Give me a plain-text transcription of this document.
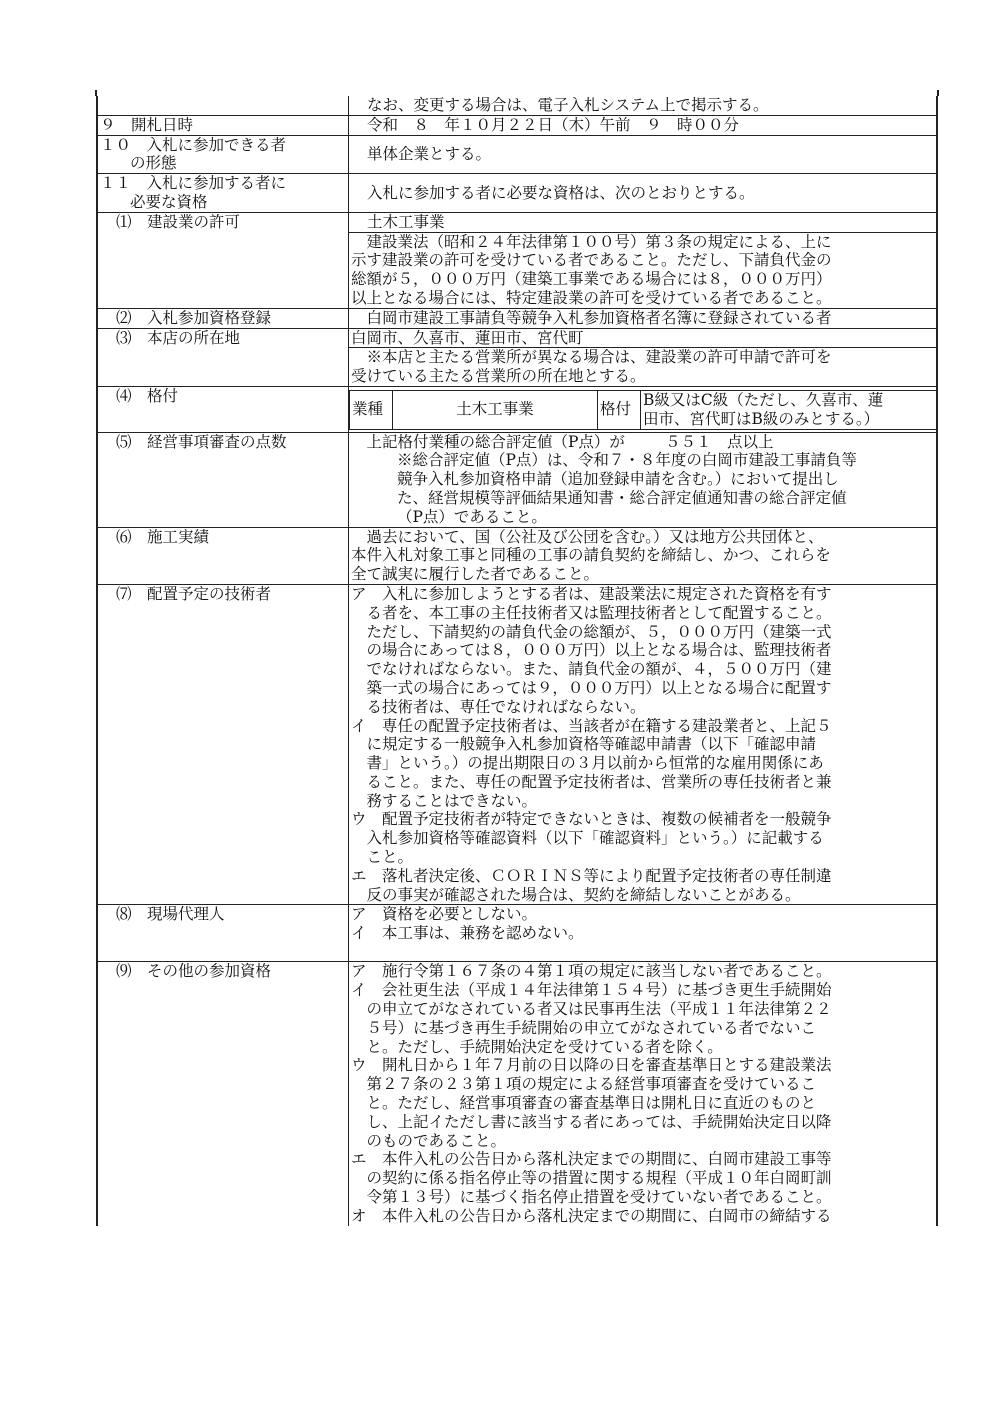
	なお、変更する場合は、電子入札システム上で掲示する。
９　開札日時	令和　８　年１０月２２日（木）午前　９　時００分

１０　入札に参加できる者
の形態
	単体企業とする。

１１　入札に参加する者に
必要な資格
	入札に参加する者に必要な資格は、次のとおりとする。
⑴　建設業の許可	土木工事業
　建設業法（昭和２４年法律第１００号）第３条の規定による、上に
示す建設業の許可を受けている者であること。ただし、下請負代金の
総額が５，０００万円（建築工事業である場合には８，０００万円）
以上となる場合には、特定建設業の許可を受けている者であること。

⑵　入札参加資格登録	　白岡市建設工事請負等競争入札参加資格者名簿に登録されている者
⑶　本店の所在地	白岡市、久喜市、蓮田市、宮代町
　※本店と主たる営業所が異なる場合は、建設業の許可申請で許可を
受けている主たる営業所の所在地とする。

⑷　格付	
業種	土木工事業	格付	
B級又はC級（ただし、久喜市、蓮
田市、宮代町はB級のみとする。）

⑸　経営事項審査の点数	　上記格付業種の総合評定値（P点）が	５５１　点以上
※総合評定値（P点）は、令和７・８年度の白岡市建設工事請負等
競争入札参加資格申請（追加登録申請を含む。）において提出し
た、経営規模等評価結果通知書・総合評定値通知書の総合評定値
（P点）であること。

⑹　施工実績	　過去において、国（公社及び公団を含む。）又は地方公共団体と、
本件入札対象工事と同種の工事の請負契約を締結し、かつ、これらを
全て誠実に履行した者であること。

⑺　配置予定の技術者	ア　入札に参加しようとする者は、建設業法に規定された資格を有す
　る者を、本工事の主任技術者又は監理技術者として配置すること。
　ただし、下請契約の請負代金の総額が、５，０００万円（建築一式
　の場合にあっては８，０００万円）以上となる場合は、監理技術者
　でなければならない。また、請負代金の額が、４，５００万円（建
　築一式の場合にあっては９，０００万円）以上となる場合に配置す
　る技術者は、専任でなければならない。
イ　専任の配置予定技術者は、当該者が在籍する建設業者と、上記５
　に規定する一般競争入札参加資格等確認申請書（以下「確認申請
　書」という。）の提出期限日の３月以前から恒常的な雇用関係にあ
　ること。また、専任の配置予定技術者は、営業所の専任技術者と兼
　務することはできない。
ウ　配置予定技術者が特定できないときは、複数の候補者を一般競争
　入札参加資格等確認資料（以下「確認資料」という。）に記載する
　こと。
エ　落札者決定後、ＣＯＲＩＮＳ等により配置予定技術者の専任制違
　反の事実が確認された場合は、契約を締結しないことがある。

⑻　現場代理人	ア　資格を必要としない。
イ　本工事は、兼務を認めない。

⑼　その他の参加資格	ア　施行令第１６７条の４第１項の規定に該当しない者であること。
イ　会社更生法（平成１４年法律第１５４号）に基づき更生手続開始
　の申立てがなされている者又は民事再生法（平成１１年法律第２２
　５号）に基づき再生手続開始の申立てがなされている者でないこ
　と。ただし、手続開始決定を受けている者を除く。
ウ　開札日から１年７月前の日以降の日を審査基準日とする建設業法
　第２７条の２３第１項の規定による経営事項審査を受けているこ
　と。ただし、経営事項審査の審査基準日は開札日に直近のものと
　し、上記イただし書に該当する者にあっては、手続開始決定日以降
　のものであること。
エ　本件入札の公告日から落札決定までの期間に、白岡市建設工事等
　の契約に係る指名停止等の措置に関する規程（平成１０年白岡町訓
　令第１３号）に基づく指名停止措置を受けていない者であること。
オ　本件入札の公告日から落札決定までの期間に、白岡市の締結する
